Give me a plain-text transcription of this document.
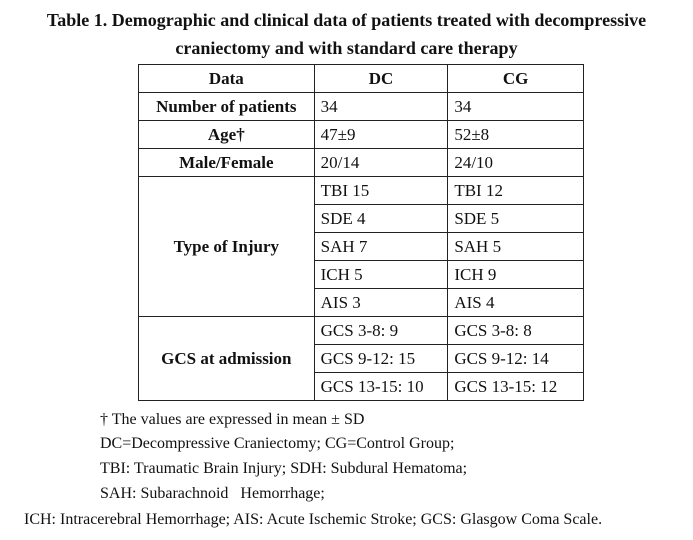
Table 1. Demographic and clinical data of patients treated with decompressive
craniectomy and with standard care therapy
Data	DC	CG
Number of patients	34	34
Age†	47±9	52±8
Male/Female	20/14	24/10
Type of Injury	TBI 15	TBI 12
	SDE 4	SDE 5
	SAH 7	SAH 5
	ICH 5	ICH 9
	AIS 3	AIS 4
GCS at admission	GCS 3-8: 9	GCS 3-8: 8
	GCS 9-12: 15	GCS 9-12: 14
	GCS 13-15: 10	GCS 13-15: 12
† The values are expressed in mean ± SD
DC=Decompressive Craniectomy; CG=Control Group;
TBI: Traumatic Brain Injury; SDH: Subdural Hematoma;
SAH: Subarachnoid   Hemorrhage;
ICH: Intracerebral Hemorrhage; AIS: Acute Ischemic Stroke; GCS: Glasgow Coma Scale.
